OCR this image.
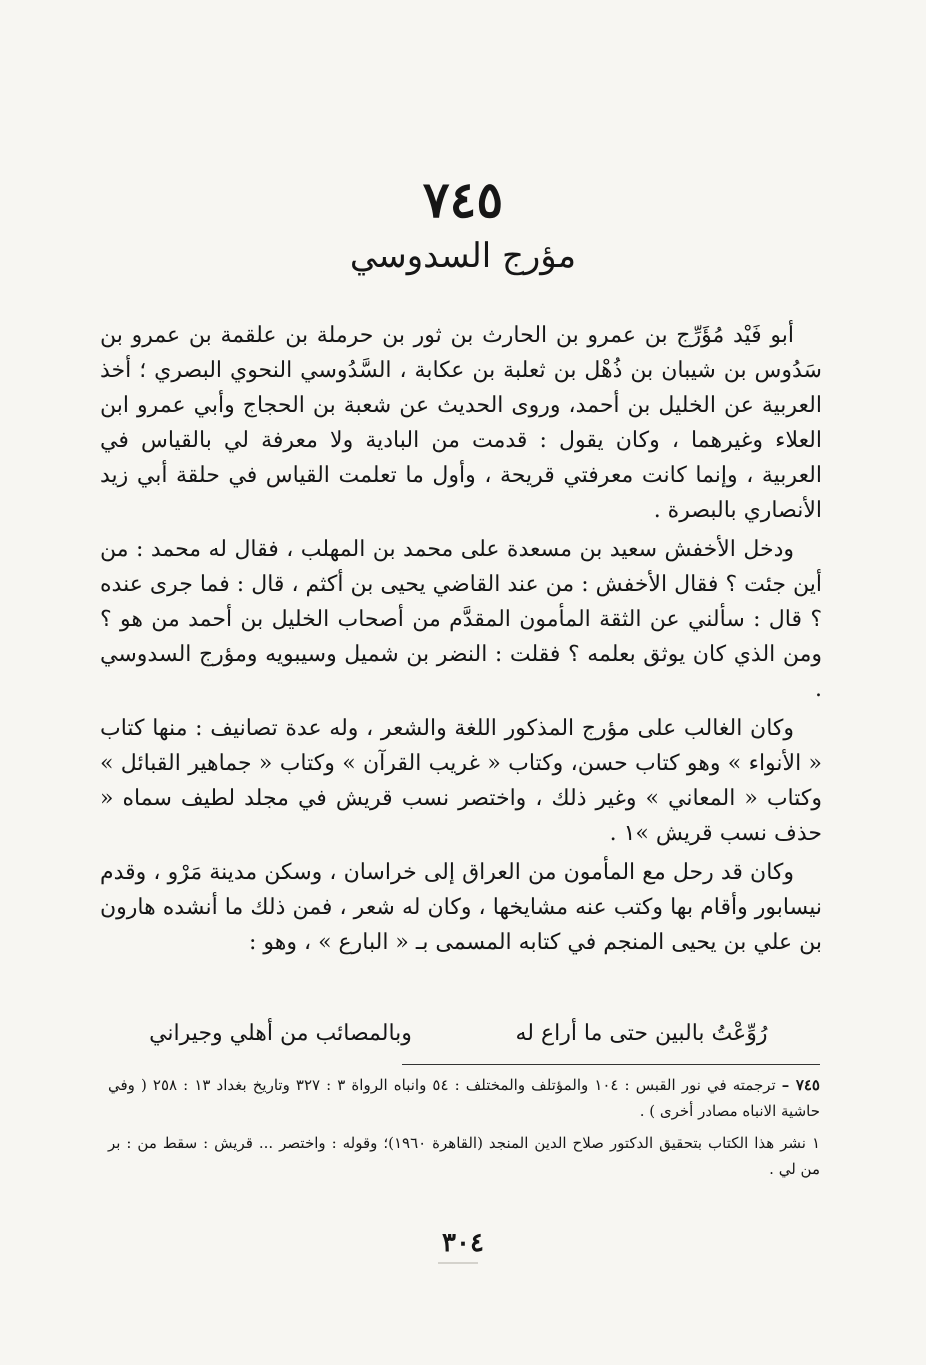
٧٤٥
مؤرج السدوسي

أبو فَيْد مُؤَرِّج بن عمرو بن الحارث بن ثور بن حرملة بن علقمة بن عمرو بن سَدُوس بن شيبان بن ذُهْل بن ثعلبة بن عكابة ، السَّدُوسي النحوي البصري ؛ أخذ العربية عن الخليل بن أحمد، وروى الحديث عن شعبة بن الحجاج وأبي عمرو ابن العلاء وغيرهما ، وكان يقول : قدمت من البادية ولا معرفة لي بالقياس في العربية ، وإنما كانت معرفتي قريحة ، وأول ما تعلمت القياس في حلقة أبي زيد الأنصاري بالبصرة .

ودخل الأخفش سعيد بن مسعدة على محمد بن المهلب ، فقال له محمد : من أين جئت ؟ فقال الأخفش : من عند القاضي يحيى بن أكثم ، قال : فما جرى عنده ؟ قال : سألني عن الثقة المأمون المقدَّم من أصحاب الخليل بن أحمد من هو ؟ ومن الذي كان يوثق بعلمه ؟ فقلت : النضر بن شميل وسيبويه ومؤرج السدوسي .

وكان الغالب على مؤرج المذكور اللغة والشعر ، وله عدة تصانيف : منها كتاب « الأنواء » وهو كتاب حسن، وكتاب « غريب القرآن » وكتاب « جماهير القبائل » وكتاب « المعاني » وغير ذلك ، واختصر نسب قريش في مجلد لطيف سماه « حذف نسب قريش »١ .

وكان قد رحل مع المأمون من العراق إلى خراسان ، وسكن مدينة مَرْو ، وقدم نيسابور وأقام بها وكتب عنه مشايخها ، وكان له شعر ، فمن ذلك ما أنشده هارون بن علي بن يحيى المنجم في كتابه المسمى بـ « البارع » ، وهو :

رُوِّعْتُ بالبين حتى ما أراع له
وبالمصائب من أهلي وجيراني

٧٤٥ – ترجمته في نور القبس : ١٠٤ والمؤتلف والمختلف : ٥٤ وانباه الرواة ٣ : ٣٢٧ وتاريخ بغداد ١٣ : ٢٥٨ ( وفي حاشية الانباه مصادر أخرى ) .

١ نشر هذا الكتاب بتحقيق الدكتور صلاح الدين المنجد (القاهرة ١٩٦٠)؛ وقوله : واختصر ... قريش : سقط من : بر من لي .

٣٠٤
